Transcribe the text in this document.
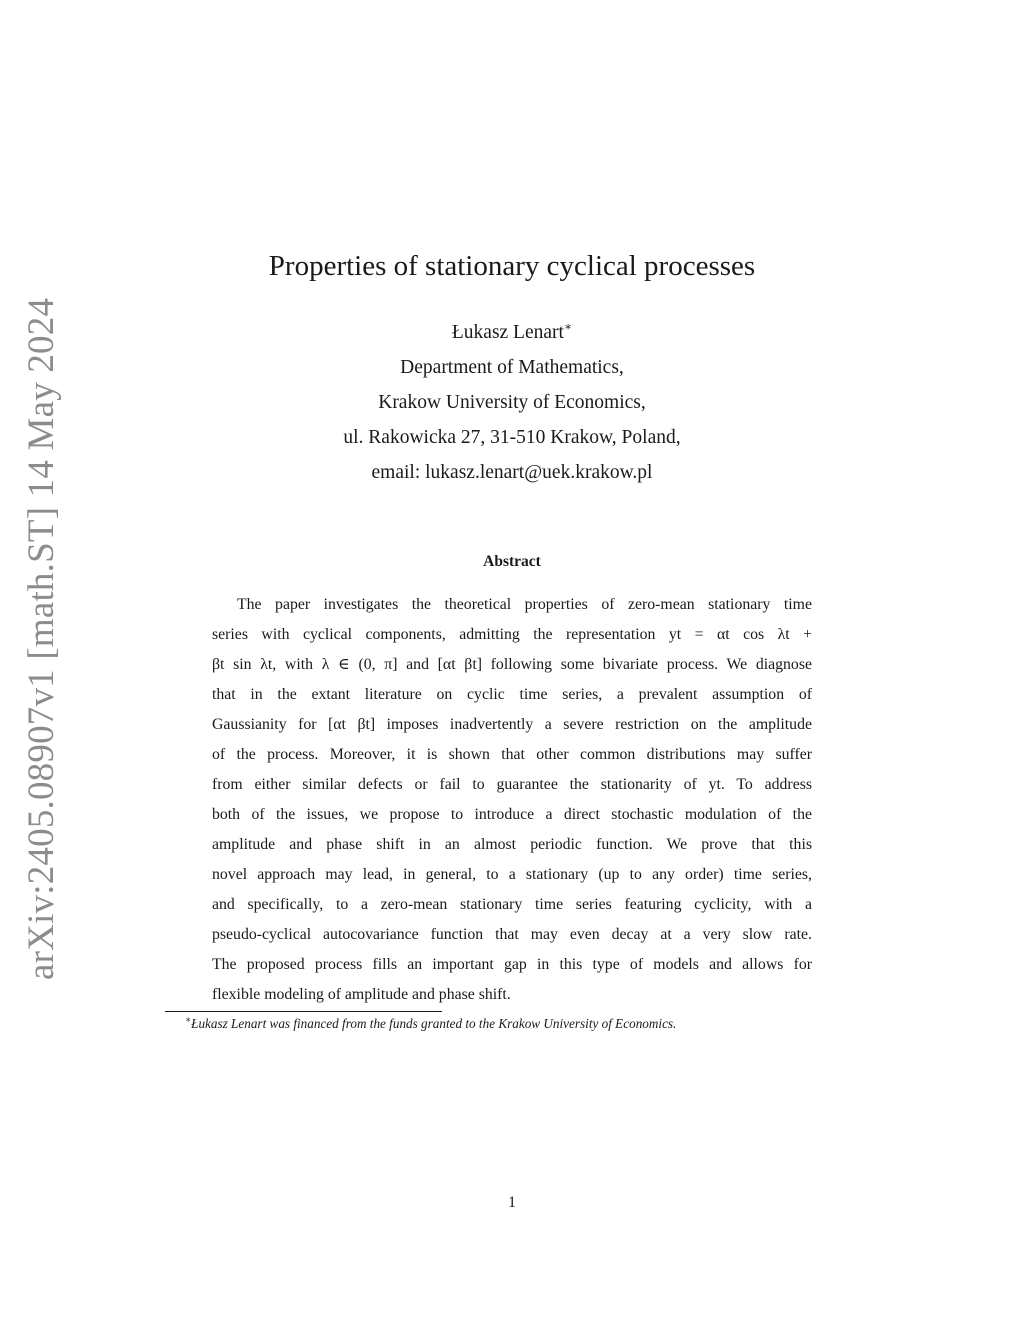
arXiv:2405.08907v1 [math.ST] 14 May 2024
Properties of stationary cyclical processes
Łukasz Lenart∗
Department of Mathematics,
Krakow University of Economics,
ul. Rakowicka 27, 31-510 Krakow, Poland,
email: lukasz.lenart@uek.krakow.pl
Abstract
The paper investigates the theoretical properties of zero-mean stationary time
series with cyclical components, admitting the representation yt = αt cos λt +
βt sin λt, with λ ∈ (0, π] and [αt βt] following some bivariate process. We diagnose
that in the extant literature on cyclic time series, a prevalent assumption of
Gaussianity for [αt βt] imposes inadvertently a severe restriction on the amplitude
of the process. Moreover, it is shown that other common distributions may suffer
from either similar defects or fail to guarantee the stationarity of yt. To address
both of the issues, we propose to introduce a direct stochastic modulation of the
amplitude and phase shift in an almost periodic function. We prove that this
novel approach may lead, in general, to a stationary (up to any order) time series,
and specifically, to a zero-mean stationary time series featuring cyclicity, with a
pseudo-cyclical autocovariance function that may even decay at a very slow rate.
The proposed process fills an important gap in this type of models and allows for
flexible modeling of amplitude and phase shift.
∗Łukasz Lenart was financed from the funds granted to the Krakow University of Economics.
1
